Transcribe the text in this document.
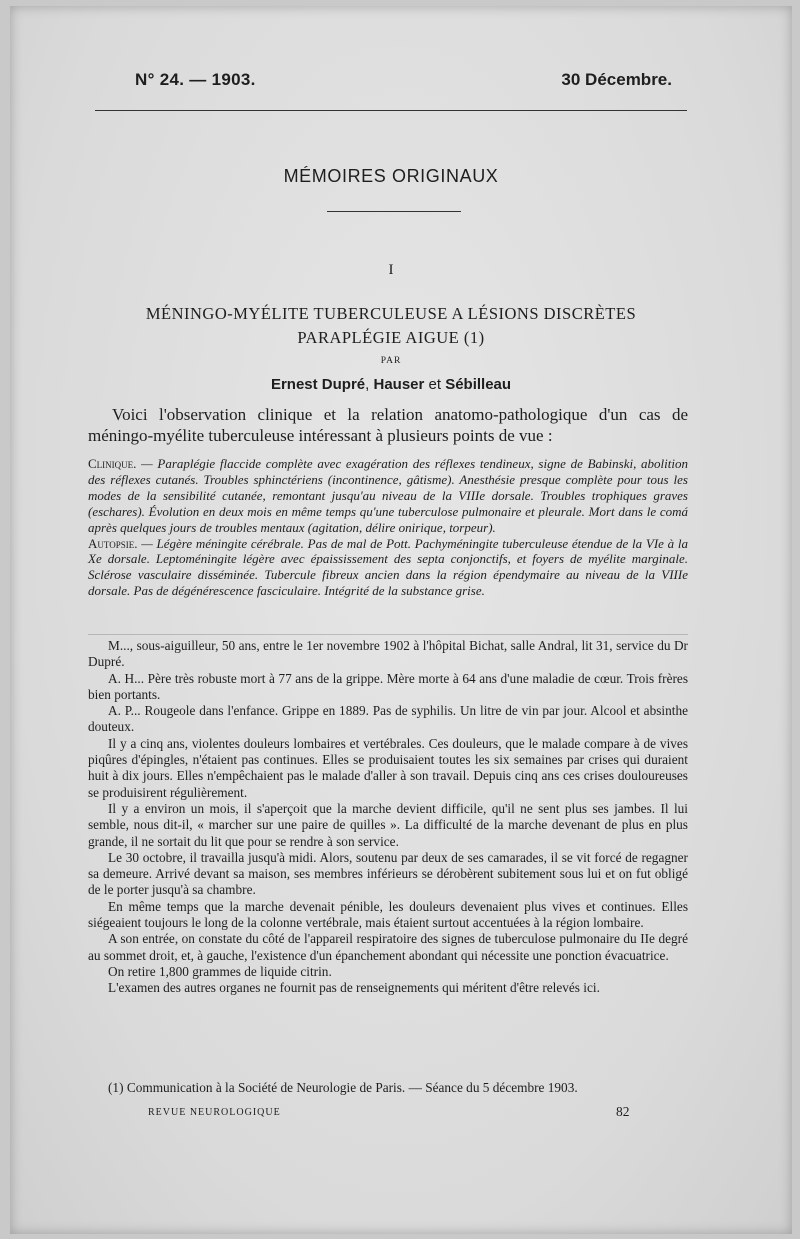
N° 24. — 1903.	30 Décembre.
MÉMOIRES ORIGINAUX
I
MÉNINGO-MYÉLITE TUBERCULEUSE A LÉSIONS DISCRÈTES
PARAPLÉGIE AIGUE (1)
PAR
Ernest Dupré, Hauser et Sébilleau
Voici l'observation clinique et la relation anatomo-pathologique d'un cas de méningo-myélite tuberculeuse intéressant à plusieurs points de vue :

Clinique. — Paraplégie flaccide complète avec exagération des réflexes tendineux, signe de Babinski, abolition des réflexes cutanés. Troubles sphinctériens (incontinence, gâtisme). Anesthésie presque complète pour tous les modes de la sensibilité cutanée, remontant jusqu'au niveau de la VIIIe dorsale. Troubles trophiques graves (eschares). Évolution en deux mois en même temps qu'une tuberculose pulmonaire et pleurale. Mort dans le comá après quelques jours de troubles mentaux (agitation, délire onirique, torpeur).

Autopsie. — Légère méningite cérébrale. Pas de mal de Pott. Pachyméningite tuberculeuse étendue de la VIe à la Xe dorsale. Leptoméningite légère avec épaississement des septa conjonctifs, et foyers de myélite marginale. Sclérose vasculaire disséminée. Tubercule fibreux ancien dans la région épendymaire au niveau de la VIIIe dorsale. Pas de dégénérescence fasciculaire. Intégrité de la substance grise.

M..., sous-aiguilleur, 50 ans, entre le 1er novembre 1902 à l'hôpital Bichat, salle Andral, lit 31, service du Dr Dupré.

A. H... Père très robuste mort à 77 ans de la grippe. Mère morte à 64 ans d'une maladie de cœur. Trois frères bien portants.

A. P... Rougeole dans l'enfance. Grippe en 1889. Pas de syphilis. Un litre de vin par jour. Alcool et absinthe douteux.

Il y a cinq ans, violentes douleurs lombaires et vertébrales. Ces douleurs, que le malade compare à de vives piqûres d'épingles, n'étaient pas continues. Elles se produisaient toutes les six semaines par crises qui duraient huit à dix jours. Elles n'empêchaient pas le malade d'aller à son travail. Depuis cinq ans ces crises douloureuses se produisirent régulièrement.

Il y a environ un mois, il s'aperçoit que la marche devient difficile, qu'il ne sent plus ses jambes. Il lui semble, nous dit-il, « marcher sur une paire de quilles ». La difficulté de la marche devenant de plus en plus grande, il ne sortait du lit que pour se rendre à son service.

Le 30 octobre, il travailla jusqu'à midi. Alors, soutenu par deux de ses camarades, il se vit forcé de regagner sa demeure. Arrivé devant sa maison, ses membres inférieurs se dérobèrent subitement sous lui et on fut obligé de le porter jusqu'à sa chambre.

En même temps que la marche devenait pénible, les douleurs devenaient plus vives et continues. Elles siégeaient toujours le long de la colonne vertébrale, mais étaient surtout accentuées à la région lombaire.

A son entrée, on constate du côté de l'appareil respiratoire des signes de tuberculose pulmonaire du IIe degré au sommet droit, et, à gauche, l'existence d'un épanchement abondant qui nécessite une ponction évacuatrice.

On retire 1,800 grammes de liquide citrin.

L'examen des autres organes ne fournit pas de renseignements qui méritent d'être relevés ici.

(1) Communication à la Société de Neurologie de Paris. — Séance du 5 décembre 1903.
REVUE NEUROLOGIQUE	82
